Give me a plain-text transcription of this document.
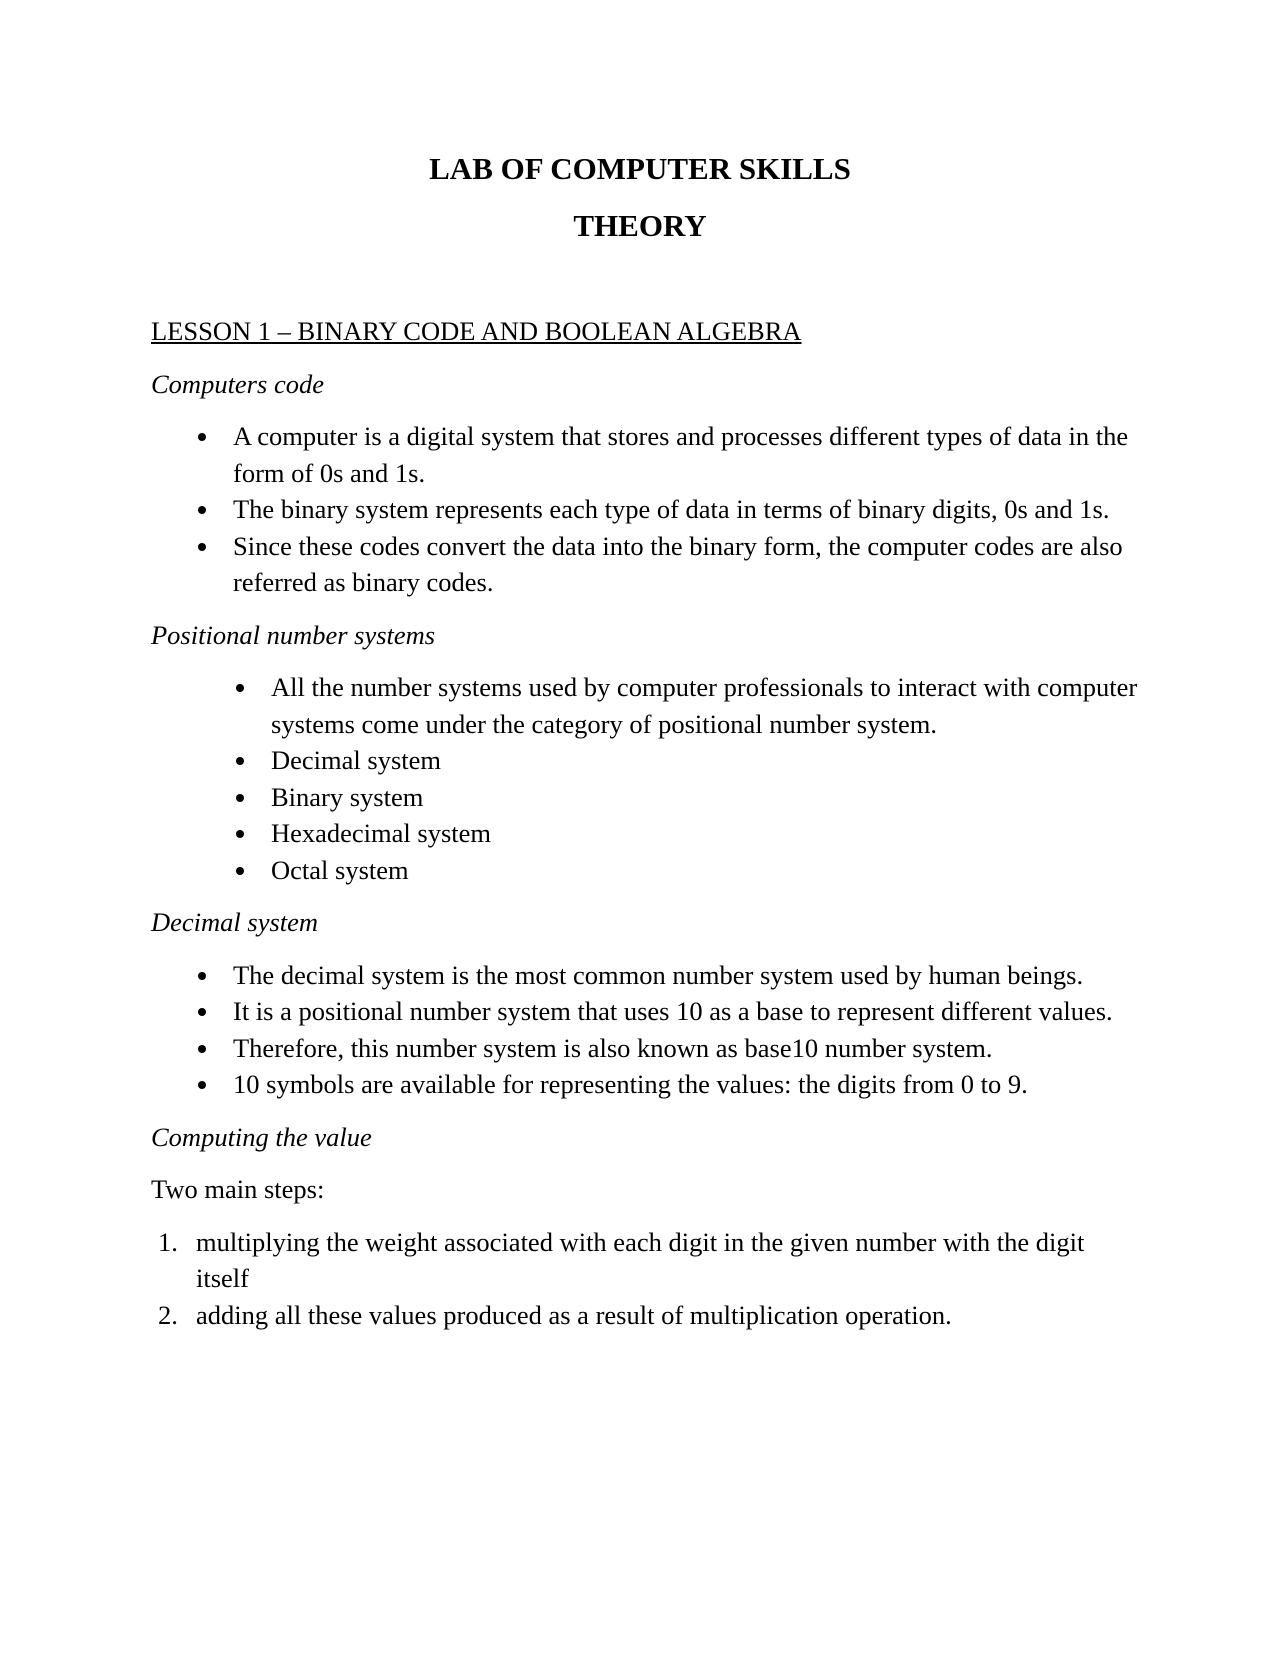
LAB OF COMPUTER SKILLS
THEORY
LESSON 1 – BINARY CODE AND BOOLEAN ALGEBRA
Computers code
A computer is a digital system that stores and processes different types of data in the form of 0s and 1s.
The binary system represents each type of data in terms of binary digits, 0s and 1s.
Since these codes convert the data into the binary form, the computer codes are also referred as binary codes.
Positional number systems
All the number systems used by computer professionals to interact with computer systems come under the category of positional number system.
Decimal system
Binary system
Hexadecimal system
Octal system
Decimal system
The decimal system is the most common number system used by human beings.
It is a positional number system that uses 10 as a base to represent different values.
Therefore, this number system is also known as base10 number system.
10 symbols are available for representing the values: the digits from 0 to 9.
Computing the value
Two main steps:
1. multiplying the weight associated with each digit in the given number with the digit itself
2. adding all these values produced as a result of multiplication operation.
